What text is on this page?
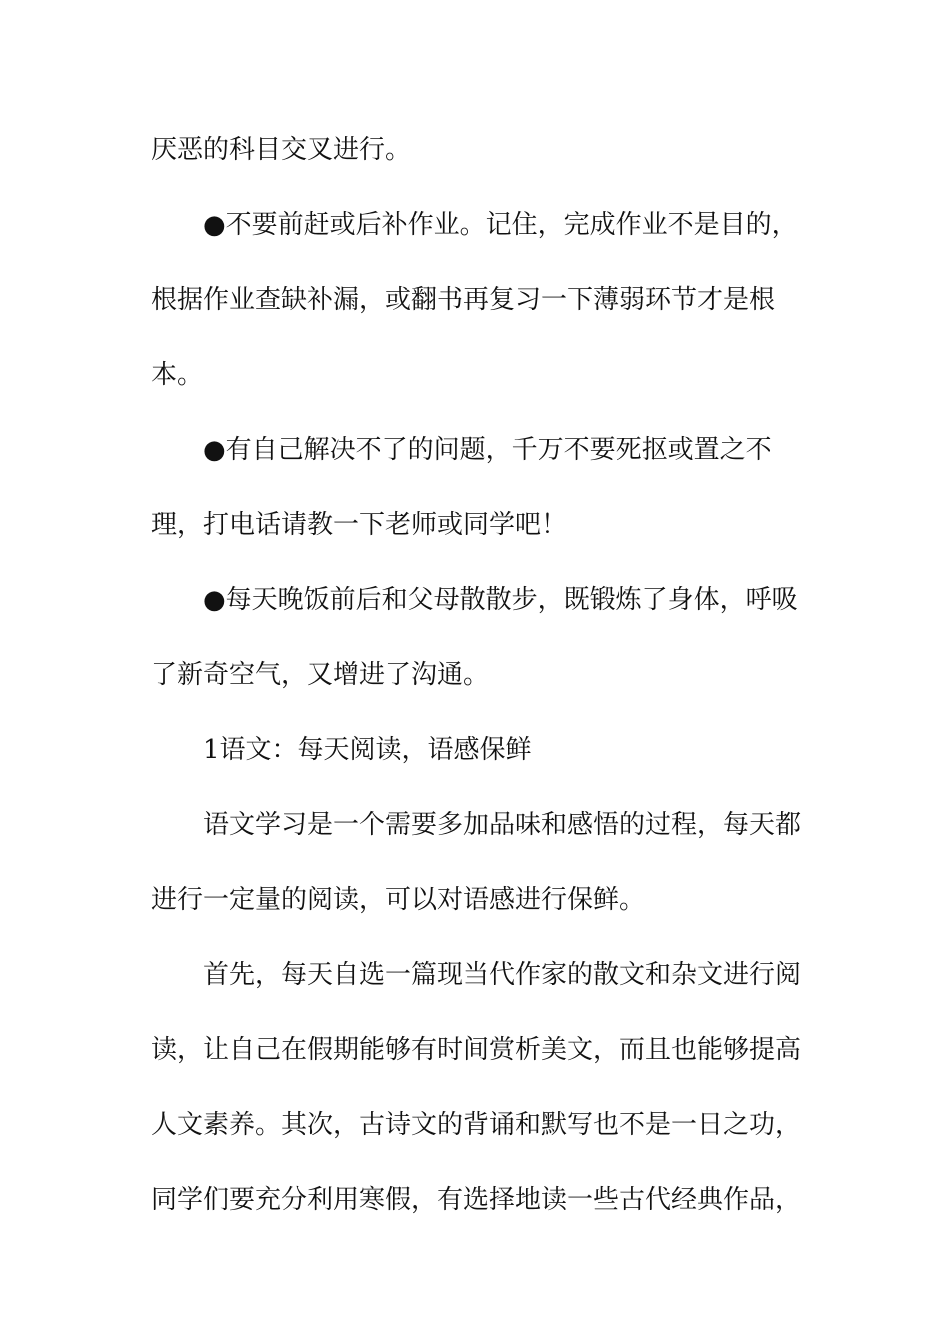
厌恶的科目交叉进行。
●不要前赶或后补作业。记住，完成作业不是目的，
根据作业查缺补漏，或翻书再复习一下薄弱环节才是根
本。
●有自己解决不了的问题，千万不要死抠或置之不
理，打电话请教一下老师或同学吧！
●每天晚饭前后和父母散散步，既锻炼了身体，呼吸
了新奇空气，又增进了沟通。
1语文：每天阅读，语感保鲜
语文学习是一个需要多加品味和感悟的过程，每天都
进行一定量的阅读，可以对语感进行保鲜。
首先，每天自选一篇现当代作家的散文和杂文进行阅
读，让自己在假期能够有时间赏析美文，而且也能够提高
人文素养。其次，古诗文的背诵和默写也不是一日之功，
同学们要充分利用寒假，有选择地读一些古代经典作品，
